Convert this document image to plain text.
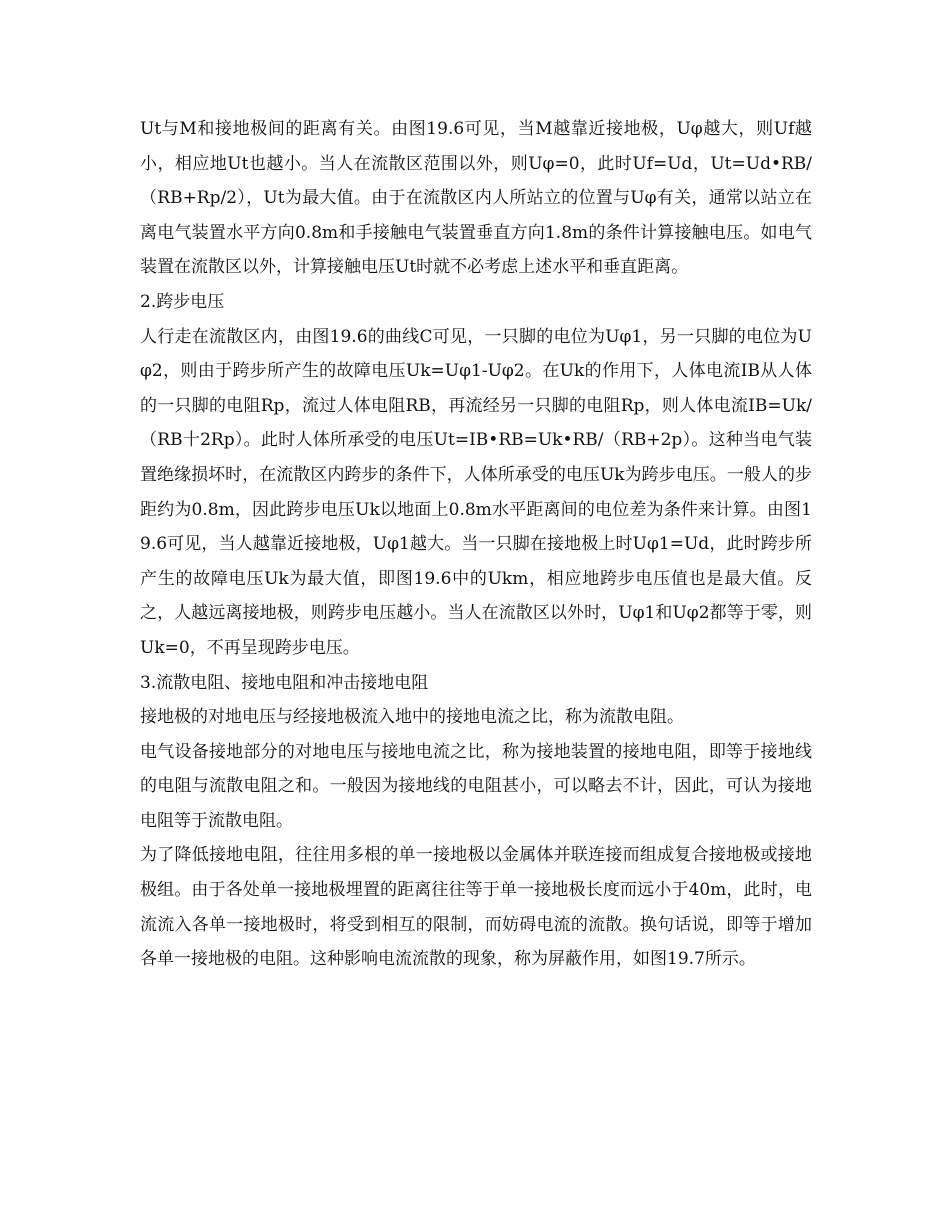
Ut与M和接地极间的距离有关。由图19.6可见，当M越靠近接地极，Uφ越大，则Uf越小，相应地Ut也越小。当人在流散区范围以外，则Uφ=0，此时Uf=Ud，Ut=Ud•RB/（RB+Rp/2），Ut为最大值。由于在流散区内人所站立的位置与Uφ有关，通常以站立在离电气装置水平方向0.8m和手接触电气装置垂直方向1.8m的条件计算接触电压。如电气装置在流散区以外，计算接触电压Ut时就不必考虑上述水平和垂直距离。

2.跨步电压

人行走在流散区内，由图19.6的曲线C可见，一只脚的电位为Uφ1，另一只脚的电位为Uφ2，则由于跨步所产生的故障电压Uk=Uφ1-Uφ2。在Uk的作用下，人体电流IB从人体的一只脚的电阻Rp，流过人体电阻RB，再流经另一只脚的电阻Rp，则人体电流IB=Uk/（RB十2Rp）。此时人体所承受的电压Ut=IB•RB=Uk•RB/（RB+2p）。这种当电气装置绝缘损坏时，在流散区内跨步的条件下，人体所承受的电压Uk为跨步电压。一般人的步距约为0.8m，因此跨步电压Uk以地面上0.8m水平距离间的电位差为条件来计算。由图19.6可见，当人越靠近接地极，Uφ1越大。当一只脚在接地极上时Uφ1=Ud，此时跨步所产生的故障电压Uk为最大值，即图19.6中的Ukm，相应地跨步电压值也是最大值。反之，人越远离接地极，则跨步电压越小。当人在流散区以外时，Uφ1和Uφ2都等于零，则Uk=0，不再呈现跨步电压。

3.流散电阻、接地电阻和冲击接地电阻

接地极的对地电压与经接地极流入地中的接地电流之比，称为流散电阻。

电气设备接地部分的对地电压与接地电流之比，称为接地装置的接地电阻，即等于接地线的电阻与流散电阻之和。一般因为接地线的电阻甚小，可以略去不计，因此，可认为接地电阻等于流散电阻。

为了降低接地电阻，往往用多根的单一接地极以金属体并联连接而组成复合接地极或接地极组。由于各处单一接地极埋置的距离往往等于单一接地极长度而远小于40m，此时，电流流入各单一接地极时，将受到相互的限制，而妨碍电流的流散。换句话说，即等于增加各单一接地极的电阻。这种影响电流流散的现象，称为屏蔽作用，如图19.7所示。
